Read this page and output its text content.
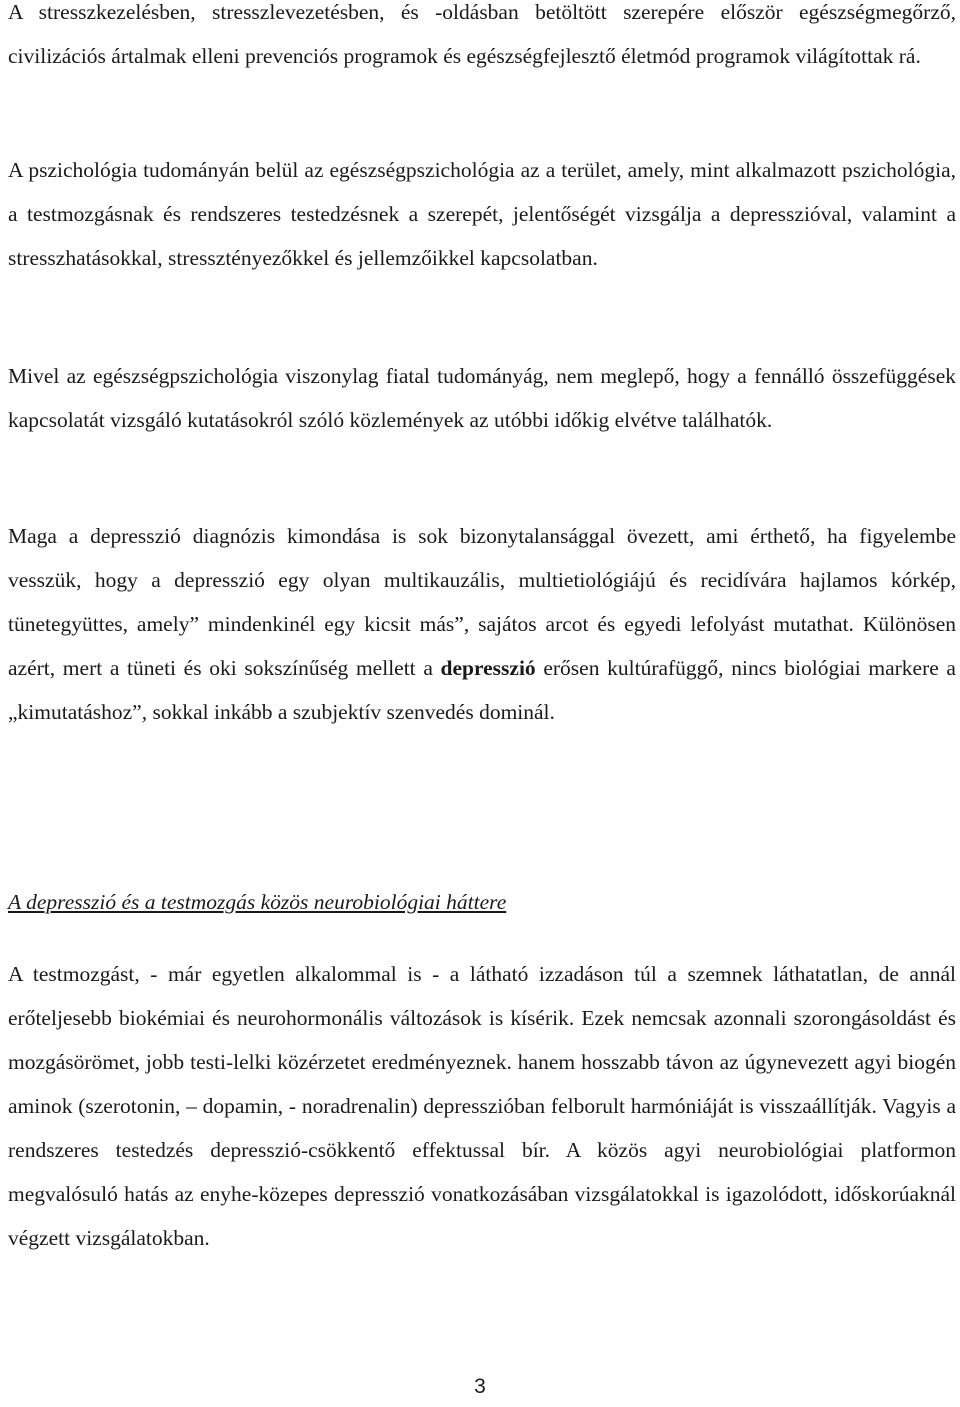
A stresszkezelésben, stresszlevezetésben, és -oldásban betöltött szerepére először egészségmegőrző, civilizációs ártalmak elleni prevenciós programok és egészségfejlesztő életmód programok világítottak rá.

A pszichológia tudományán belül az egészségpszichológia az a terület, amely, mint alkalmazott pszichológia, a testmozgásnak és rendszeres testedzésnek a szerepét, jelentőségét vizsgálja a depresszióval, valamint a stresszhatásokkal, stressztényezőkkel és jellemzőikkel kapcsolatban.

Mivel az egészségpszichológia viszonylag fiatal tudományág, nem meglepő, hogy a fennálló összefüggések kapcsolatát vizsgáló kutatásokról szóló közlemények az utóbbi időkig elvétve találhatók.

Maga a depresszió diagnózis kimondása is sok bizonytalansággal övezett, ami érthető, ha figyelembe vesszük, hogy a depresszió egy olyan multikauzális, multietiológiájú és recidívára hajlamos kórkép, tünetegyüttes, amely” mindenkinél egy kicsit más”, sajátos arcot és egyedi lefolyást mutathat. Különösen azért, mert a tüneti és oki sokszínűség mellett a depresszió erősen kultúrafüggő, nincs biológiai markere a „kimutatáshoz”, sokkal inkább a szubjektív szenvedés dominál.

A depresszió és a testmozgás közös neurobiológiai háttere

A testmozgást, - már egyetlen alkalommal is - a látható izzadáson túl a szemnek láthatatlan, de annál erőteljesebb biokémiai és neurohormonális változások is kísérik. Ezek nemcsak azonnali szorongásoldást és mozgásörömet, jobb testi-lelki közérzetet eredményeznek. hanem hosszabb távon az úgynevezett agyi biogén aminok (szerotonin, – dopamin, - noradrenalin) depresszióban felborult harmóniáját is visszaállítják. Vagyis a rendszeres testedzés depresszió-csökkentő effektussal bír. A közös agyi neurobiológiai platformon megvalósuló hatás az enyhe-közepes depresszió vonatkozásában vizsgálatokkal is igazolódott, időskorúaknál végzett vizsgálatokban.

3
